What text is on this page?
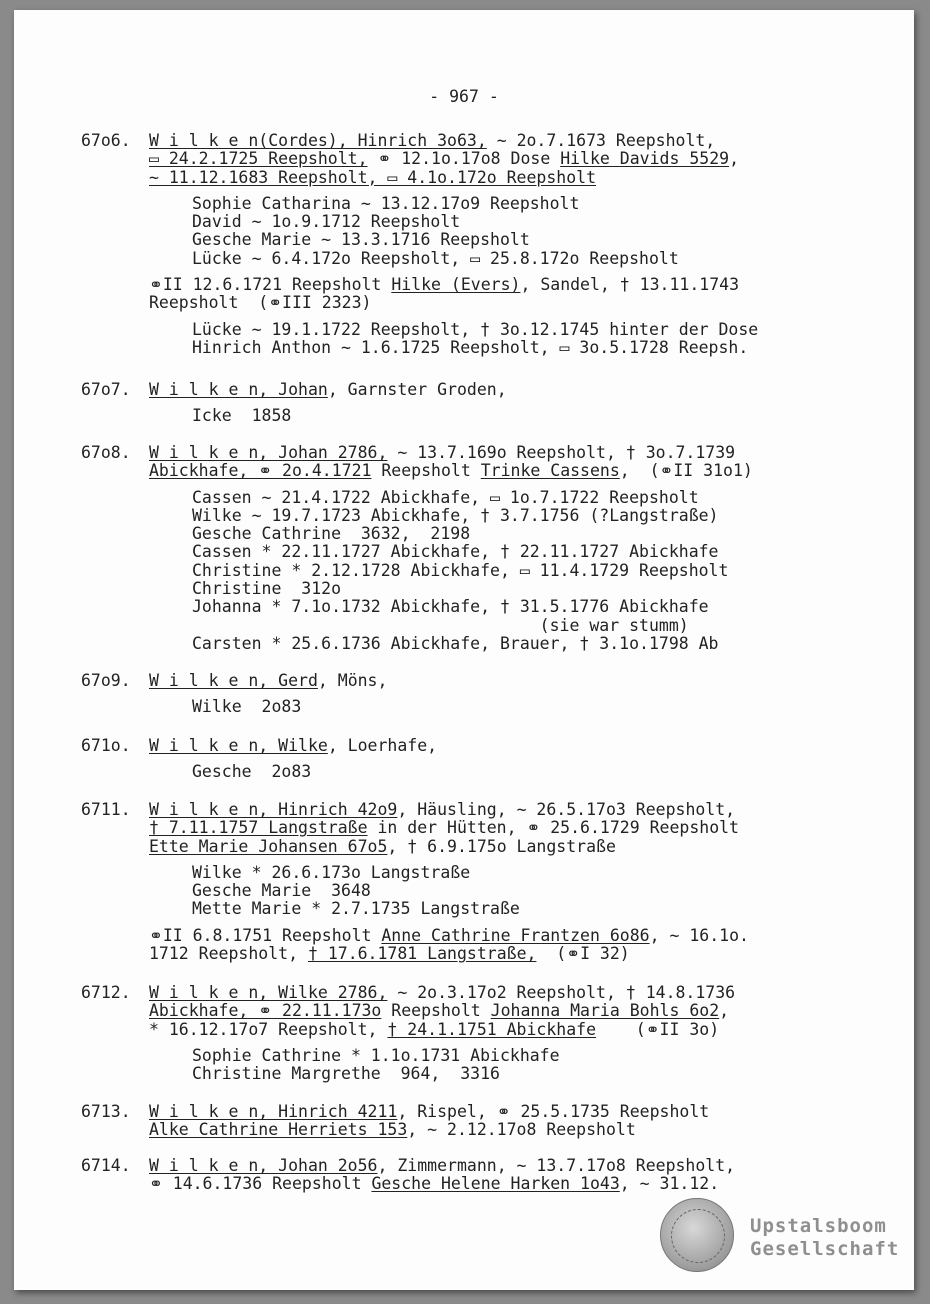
- 967 -
67o6. W i l k e n(Cordes), Hinrich 3o63, ~ 2o.7.1673 Reepsholt,
▭ 24.2.1725 Reepsholt, ⚭ 12.1o.17o8 Dose Hilke Davids 5529,
~ 11.12.1683 Reepsholt, ▭ 4.1o.172o Reepsholt
Sophie Catharina ~ 13.12.17o9 Reepsholt
David ~ 1o.9.1712 Reepsholt
Gesche Marie ~ 13.3.1716 Reepsholt
Lücke ~ 6.4.172o Reepsholt, ▭ 25.8.172o Reepsholt
⚭II 12.6.1721 Reepsholt Hilke (Evers), Sandel, † 13.11.1743
Reepsholt  (⚭III 2323)
Lücke ~ 19.1.1722 Reepsholt, † 3o.12.1745 hinter der Dose
Hinrich Anthon ~ 1.6.1725 Reepsholt, ▭ 3o.5.1728 Reepsh.
67o7. W i l k e n, Johan, Garnster Groden,
Icke  1858
67o8. W i l k e n, Johan 2786, ~ 13.7.169o Reepsholt, † 3o.7.1739
Abickhafe, ⚭ 2o.4.1721 Reepsholt Trinke Cassens,  (⚭II 31o1)
Cassen ~ 21.4.1722 Abickhafe, ▭ 1o.7.1722 Reepsholt
Wilke ~ 19.7.1723 Abickhafe, † 3.7.1756 (?Langstraße)
Gesche Cathrine  3632,  2198
Cassen * 22.11.1727 Abickhafe, † 22.11.1727 Abickhafe
Christine * 2.12.1728 Abickhafe, ▭ 11.4.1729 Reepsholt
Christine  312o
Johanna * 7.1o.1732 Abickhafe, † 31.5.1776 Abickhafe
(sie war stumm)
Carsten * 25.6.1736 Abickhafe, Brauer, † 3.1o.1798 Ab
67o9. W i l k e n, Gerd, Möns,
Wilke  2o83
671o. W i l k e n, Wilke, Loerhafe,
Gesche  2o83
6711. W i l k e n, Hinrich 42o9, Häusling, ~ 26.5.17o3 Reepsholt,
† 7.11.1757 Langstraße in der Hütten, ⚭ 25.6.1729 Reepsholt
Ette Marie Johansen 67o5, † 6.9.175o Langstraße
Wilke * 26.6.173o Langstraße
Gesche Marie  3648
Mette Marie * 2.7.1735 Langstraße
⚭II 6.8.1751 Reepsholt Anne Cathrine Frantzen 6o86, ~ 16.1o.
1712 Reepsholt, † 17.6.1781 Langstraße,  (⚭I 32)
6712. W i l k e n, Wilke 2786, ~ 2o.3.17o2 Reepsholt, † 14.8.1736
Abickhafe, ⚭ 22.11.173o Reepsholt Johanna Maria Bohls 6o2,
* 16.12.17o7 Reepsholt, † 24.1.1751 Abickhafe    (⚭II 3o)
Sophie Cathrine * 1.1o.1731 Abickhafe
Christine Margrethe  964,  3316
6713. W i l k e n, Hinrich 4211, Rispel, ⚭ 25.5.1735 Reepsholt
Alke Cathrine Herriets 153, ~ 2.12.17o8 Reepsholt
6714. W i l k e n, Johan 2o56, Zimmermann, ~ 13.7.17o8 Reepsholt,
⚭ 14.6.1736 Reepsholt Gesche Helene Harken 1o43, ~ 31.12.
Upstalsboom
Gesellschaft
